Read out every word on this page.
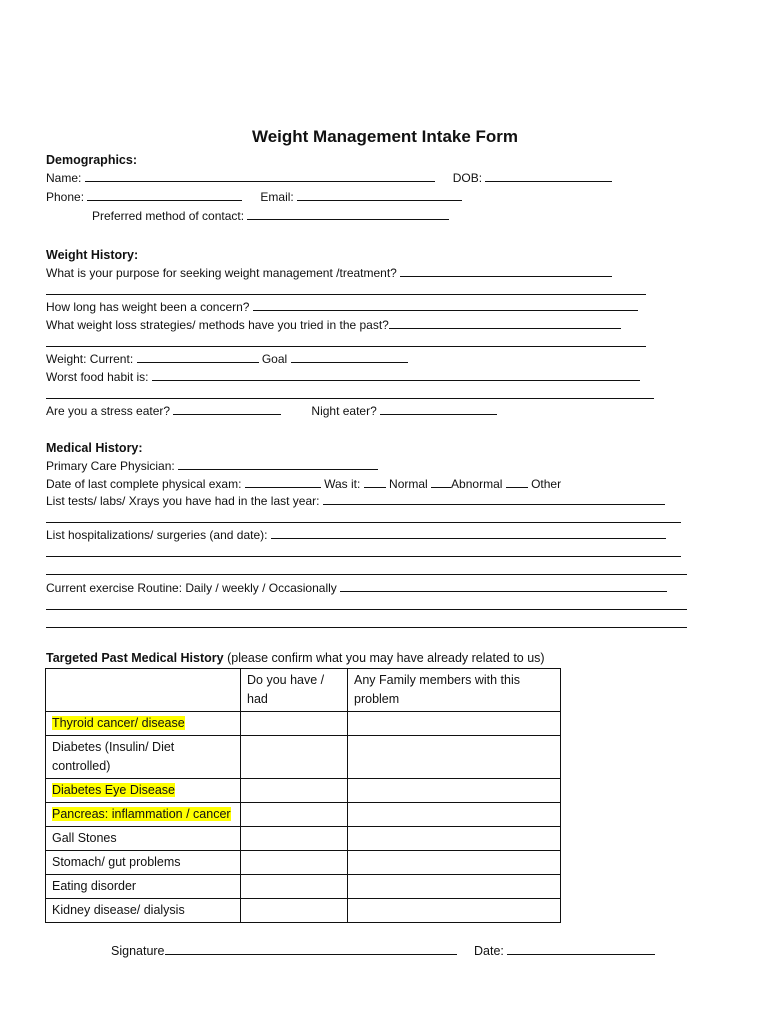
Weight Management Intake Form
Demographics:
Name:	DOB:
Phone:	Email:
Preferred method of contact:
Weight History:
What is your purpose for seeking weight management /treatment?
How long has weight been a concern?
What weight loss strategies/ methods have you tried in the past?
Weight: Current:	Goal
Worst food habit is:
Are you a stress eater?	Night eater?
Medical History:
Primary Care Physician:
Date of last complete physical exam:	Was it: Normal Abnormal Other
List tests/ labs/ Xrays you have had in the last year:
List hospitalizations/ surgeries (and date):
Current exercise Routine: Daily / weekly / Occasionally
Targeted Past Medical History (please confirm what you may have already related to us)
	Do you have / had	Any Family members with this problem
Thyroid cancer/ disease		
Diabetes (Insulin/ Diet controlled)		
Diabetes Eye Disease		
Pancreas: inflammation / cancer		
Gall Stones		
Stomach/ gut problems		
Eating disorder		
Kidney disease/ dialysis		
Signature	Date:
